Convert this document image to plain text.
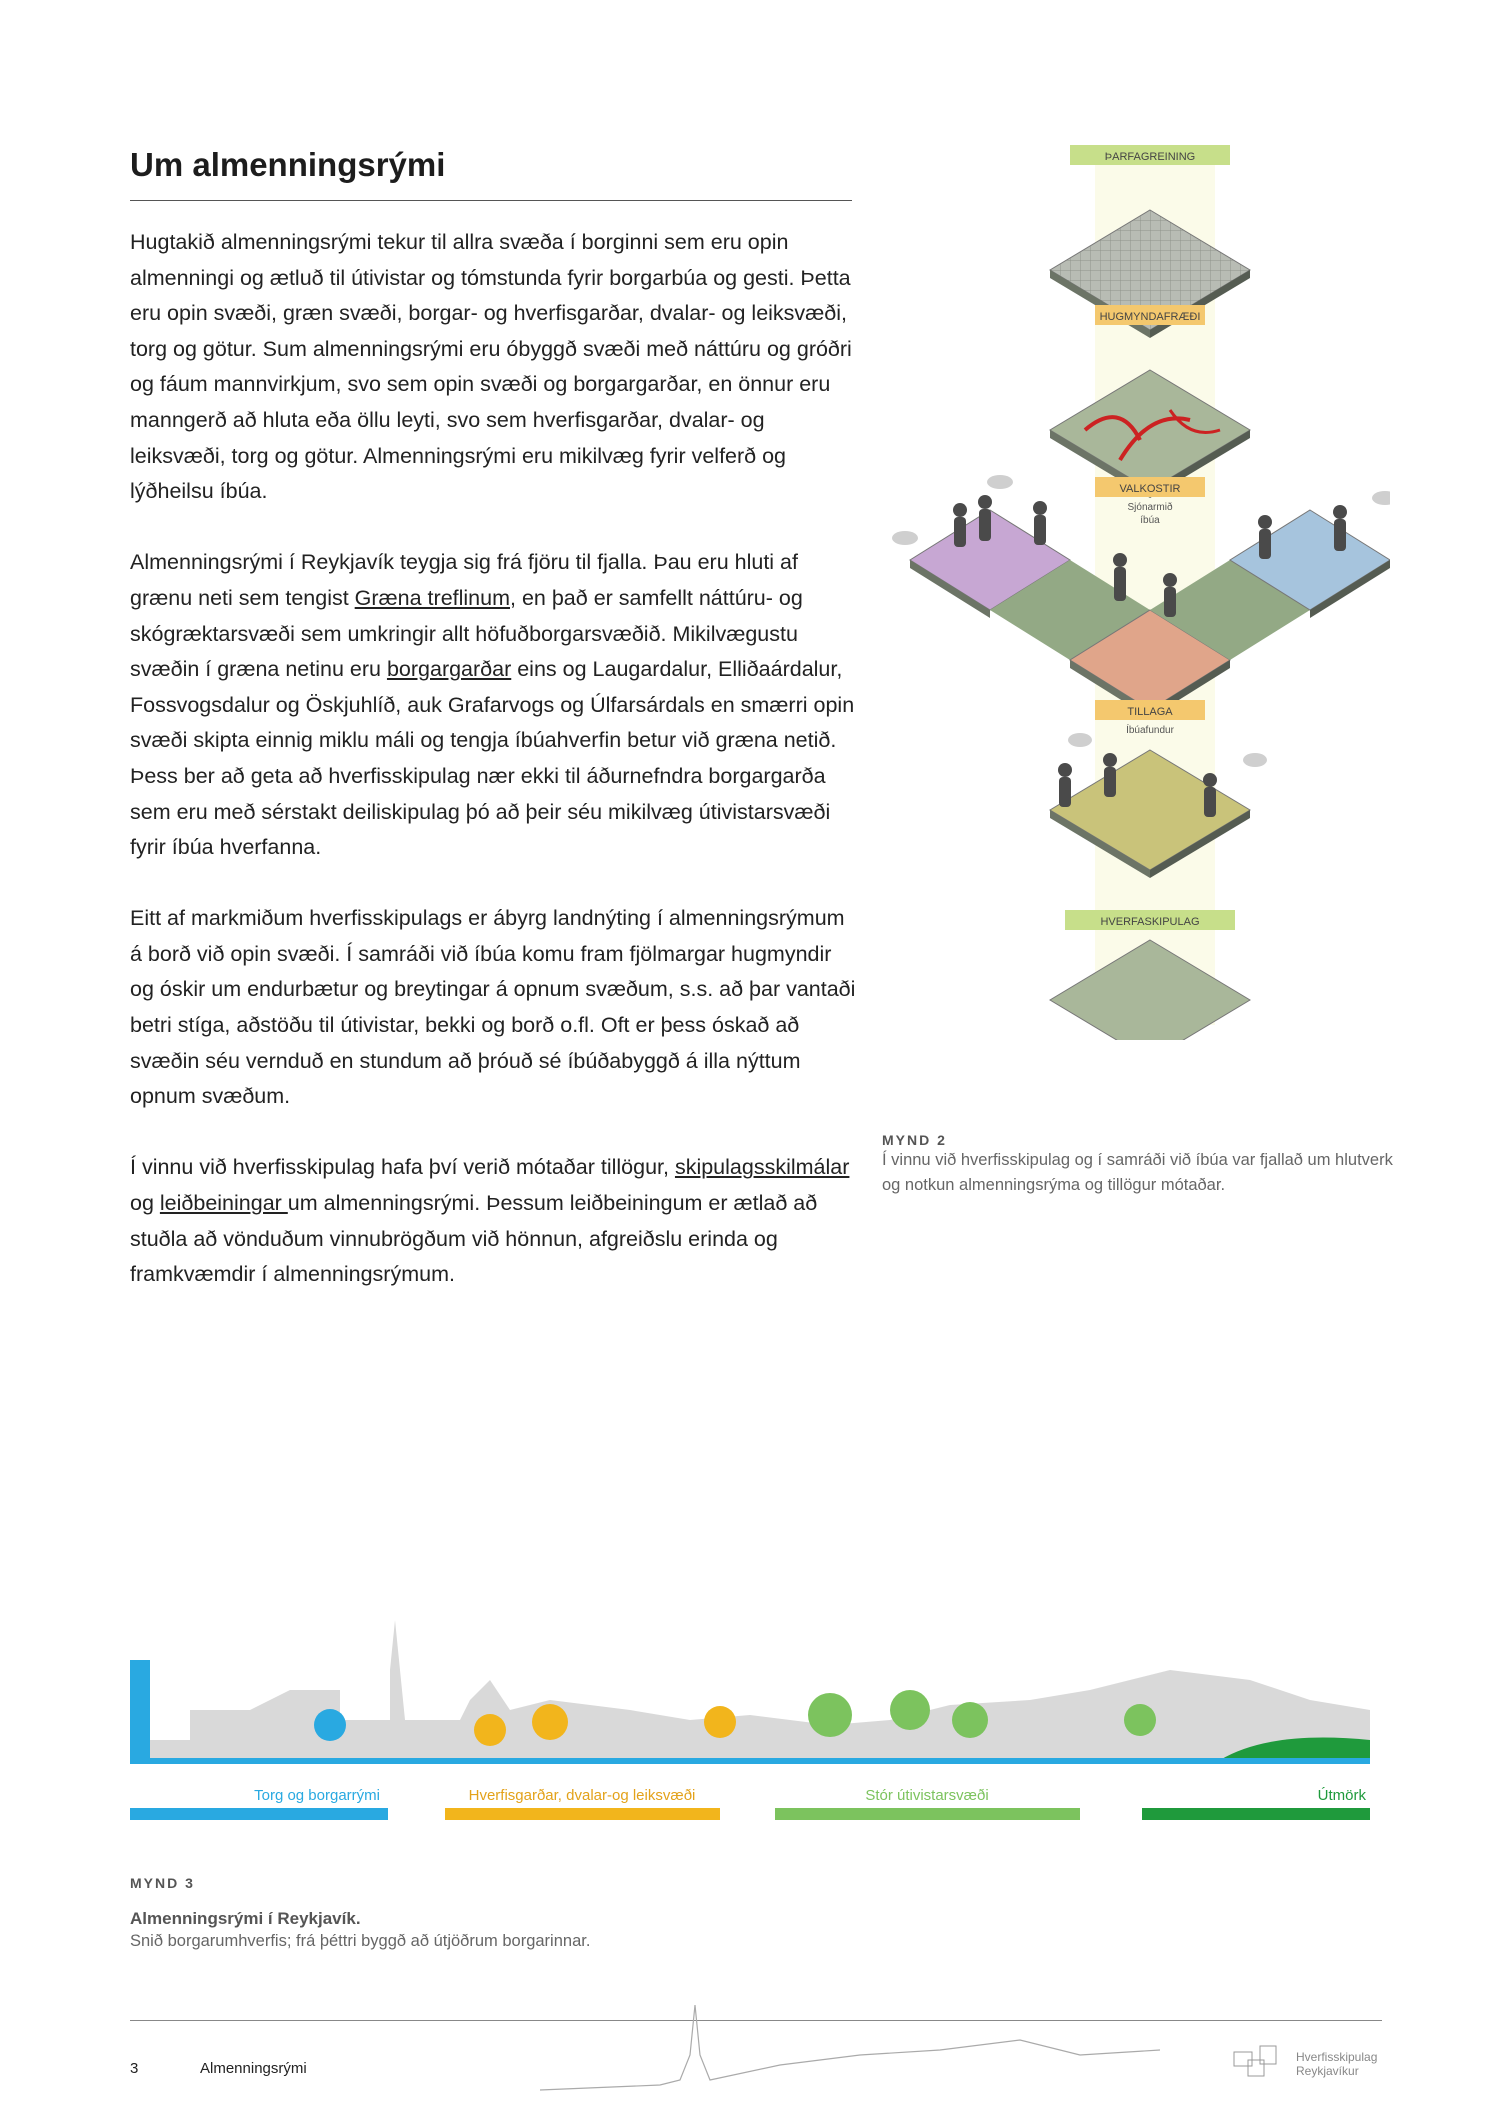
Um almenningsrými

Hugtakið almenningsrými tekur til allra svæða í borginni sem eru opin almenningi og ætluð til útivistar og tómstunda fyrir borgarbúa og gesti. Þetta eru opin svæði, græn svæði, borgar- og hverfisgarðar, dvalar- og leiksvæði, torg og götur. Sum almenningsrými eru óbyggð svæði með náttúru og gróðri og fáum mannvirkjum, svo sem opin svæði og borgargarðar, en önnur eru manngerð að hluta eða öllu leyti, svo sem hverfisgarðar, dvalar- og leiksvæði, torg og götur. Almenningsrými eru mikilvæg fyrir velferð og lýðheilsu íbúa.

Almenningsrými í Reykjavík teygja sig frá fjöru til fjalla. Þau eru hluti af grænu neti sem tengist Græna treflinum, en það er samfellt náttúru- og skógræktarsvæði sem umkringir allt höfuðborgarsvæðið. Mikilvægustu svæðin í græna netinu eru borgargarðar eins og Laugardalur, Elliðaárdalur, Fossvogsdalur og Öskjuhlíð, auk Grafarvogs og Úlfarsárdals en smærri opin svæði skipta einnig miklu máli og tengja íbúahverfin betur við græna netið. Þess ber að geta að hverfisskipulag nær ekki til áðurnefndra borgargarða sem eru með sérstakt deiliskipulag þó að þeir séu mikilvæg útivistarsvæði fyrir íbúa hverfanna.

Eitt af markmiðum hverfisskipulags er ábyrg landnýting í almenningsrýmum á borð við opin svæði. Í samráði við íbúa komu fram fjölmargar hugmyndir og óskir um endurbætur og breytingar á opnum svæðum, s.s. að þar vantaði betri stíga, aðstöðu til útivistar, bekki og borð o.fl. Oft er þess óskað að svæðin séu vernduð en stundum að þróuð sé íbúðabyggð á illa nýttum opnum svæðum.

Í vinnu við hverfisskipulag hafa því verið mótaðar tillögur, skipulagsskilmálar og leiðbeiningar um almenningsrými. Þessum leiðbeiningum er ætlað að stuðla að vönduðum vinnubrögðum við hönnun, afgreiðslu erinda og framkvæmdir í almenningsrýmum.

ÞARFAGREINING
HUGMYNDAFRÆÐI
VALKOSTIR
Sjónarmið
íbúa
TILLAGA
Íbúafundur
HVERFASKIPULAG
MYND 2
Í vinnu við hverfisskipulag og í samráði við íbúa var fjallað um hlutverk og notkun almenningsrýma og tillögur mótaðar.
Torg og borgarrými	Hverfisgarðar, dvalar-og leiksvæði	Stór útivistarsvæði	Útmörk
MYND 3
Almenningsrými í Reykjavík.
Snið borgarumhverfis; frá þéttri byggð að útjöðrum borgarinnar.
3	Almenningsrými
Hverfisskipulag
Reykjavíkur
